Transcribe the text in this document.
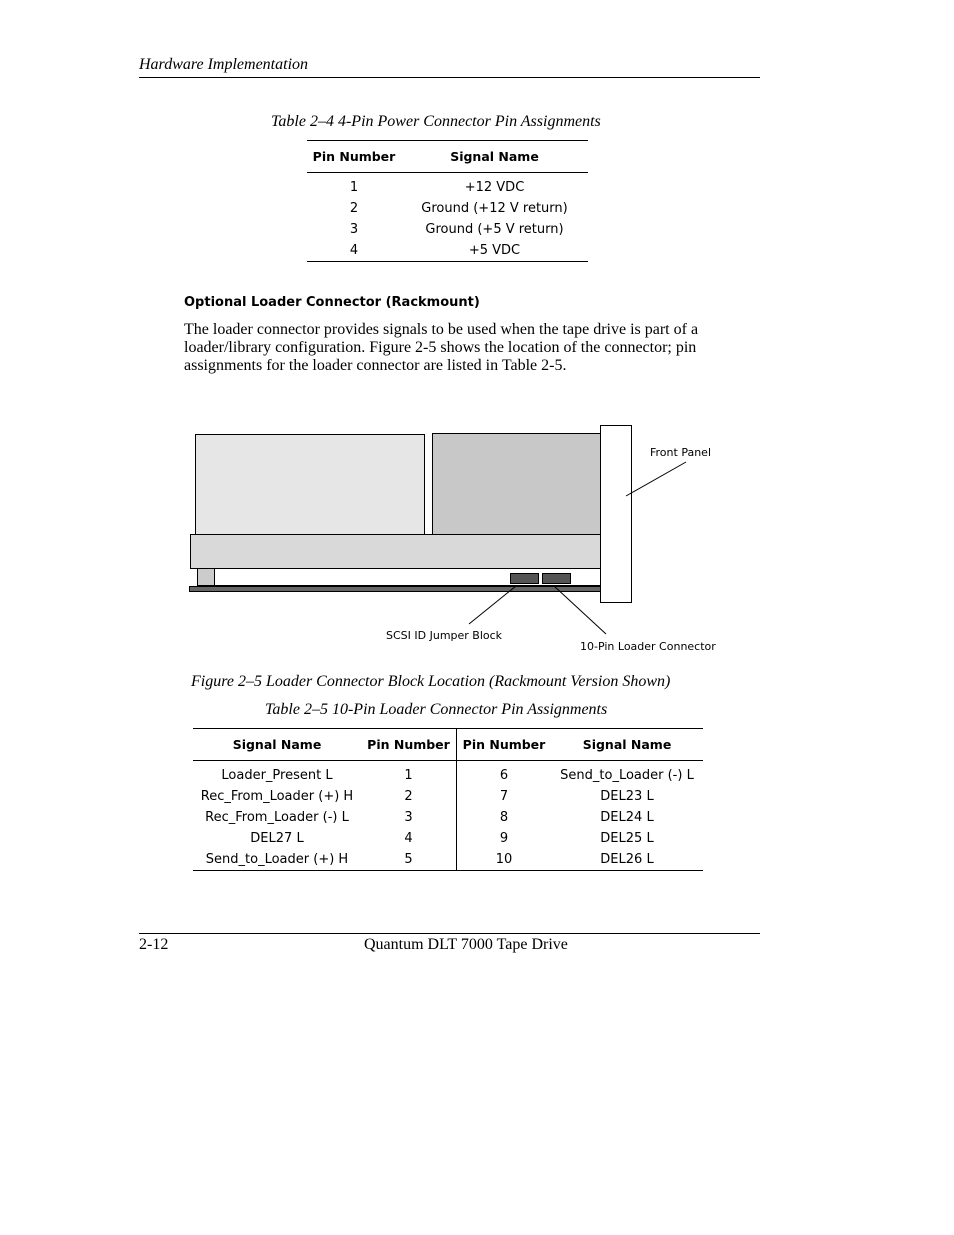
Hardware Implementation
Table 2–4 4-Pin Power Connector Pin Assignments
Pin Number	Signal Name
1	+12 VDC
2	Ground (+12 V return)
3	Ground (+5 V return)
4	+5 VDC
Optional Loader Connector (Rackmount)
The loader connector provides signals to be used when the tape drive is part of a loader/library configuration. Figure 2-5 shows the location of the connector; pin assignments for the loader connector are listed in Table 2-5.
Front Panel
SCSI ID Jumper Block
10-Pin Loader Connector
Figure 2–5 Loader Connector Block Location (Rackmount Version Shown)
Table 2–5 10-Pin Loader Connector Pin Assignments
Signal Name	Pin Number	Pin Number	Signal Name
Loader_Present L	1	6	Send_to_Loader (-) L
Rec_From_Loader (+) H	2	7	DEL23 L
Rec_From_Loader (-) L	3	8	DEL24 L
DEL27 L	4	9	DEL25 L
Send_to_Loader (+) H	5	10	DEL26 L
2-12	Quantum DLT 7000 Tape Drive
